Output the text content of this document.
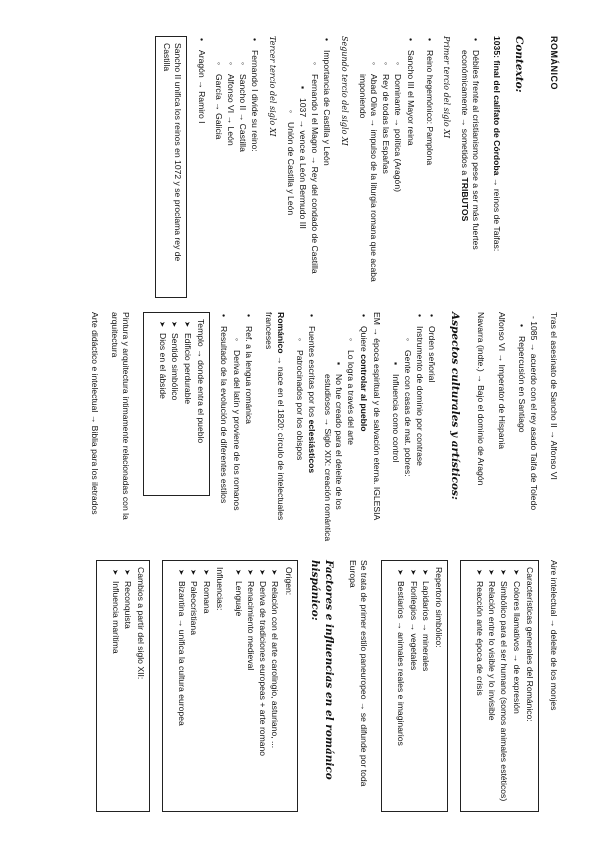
ROMÁNICO
Contexto:
1035: final del califato de Córdoba → reinos de Taifas:
• Débiles frente al cristianismo pese a ser más fuertes económicamente → sometidos a TRIBUTOS
Primer tercio del siglo XI
• Reino hegemónico: Pamplona
• Sancho III el Mayor reina
◦ Dominante → política (Aragón)
◦ Rey de todas las Españas
◦ Abad Oliva → impulso de la liturgia romana que acaba imponiendo
Segundo tercio del siglo XI
• Importancia de Castilla y León
◦ Fernando I el Magno → Rey del condado de Castilla
▪ 1037 → vence a León Bermudo III
◦ Unión de Castilla y León
Tercer tercio del siglo XI
• Fernando I divide su reino:
◦ Sancho II → Castilla
◦ Alfonso VI → León
◦ García → Galicia
• Aragón → Ramiro I
Sancho II unifica los reinos en 1072 y se proclama rey de Castilla
Tras el asesinato de Sancho II → Alfonso VI
- 1085 → acuerdo con el rey asado Taifa de Toledo
• Repercusión en Santiago
Alfonso VI → Imperator de Hispania
Navarra (indte.) → Bajo el dominio de Aragón
Aspectos culturales y artísticos:
• Orden señorial
• Instrumento de dominio por contrase
◦ Gente con casas de mat. pobres:
▪ Influencia como control
EM → época espiritual y de salvación eterna. IGLESIA
• Quiere controlar al pueblo
◦ Lo logra a través del arte
▪ No fue creado para el deleite de los estudiosos → Siglo XIX: creación romántica
• Fuentes escritas por los eclesiásticos
◦ Patrocinados por los obispos
Románico → nace en el 1820: círculo de intelectuales franceses
• Ref. a la lengua románica
◦ Deriva del latín y proviene de los romanos
• Resultado de la evolución de diferentes estilos
Templo → donde entra el pueblo
➤ Edificio perdurable
➤ Sentido simbólico
➤ Dios en el ábside
Pintura y arquitectura íntimamente relacionadas con la arquitectura
Arte didáctico e intelectual → Biblia para los iletrados
Aire intelectual → deleite de los monjes
Características generales del Románico:
➤ Colores llamativos → de expresión
➤ Simbólico para el ser humano (somos animales estéticos)
➤ Relación entre lo visible y lo invisible
➤ Reacción ante época de crisis
Repertorio simbólico:
➤ Lapidarios → minerales
➤ Florilegios → vegetales
➤ Bestiarios → animales reales e imaginarios
Se trata de primer estilo paneuropeo → se difunde por toda Europa
Factores e influencias en el románico hispánico:
Origen:
➤ Relación con el arte carolingio, asturiano, ...
➤ Deriva de tradiciones europeas + arte romano
➤ Renacimiento medieval
➤ Lenguaje
Influencias:
➤ Romana
➤ Paleocristiana
➤ Bizantina → unifica la cultura europea
Cambios a partir del siglo XII:
➤ Reconquista
➤ Influencia marítima
